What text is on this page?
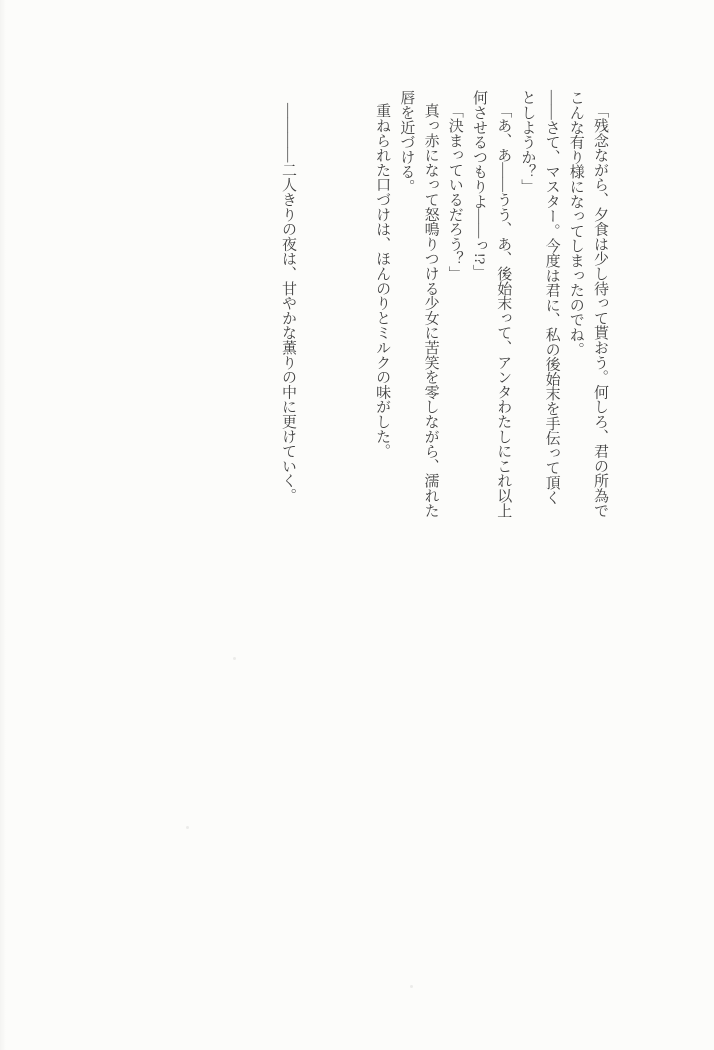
「残念ながら、夕食は少し待って貰おう。何しろ、君の所為で

こんな有り様になってしまったのでね。

――さて、マスター。今度は君に、私の後始末を手伝って頂く

としようか？」

「あ、あ――うう、あ、後始末って、アンタわたしにこれ以上

何させるつもりよ――っ!?」

「決まっているだろう？」

真っ赤になって怒鳴りつける少女に苦笑を零しながら、濡れた

唇を近づける。

重ねられた口づけは、ほんのりとミルクの味がした。

――――二人きりの夜は、甘やかな薫りの中に更けていく。
